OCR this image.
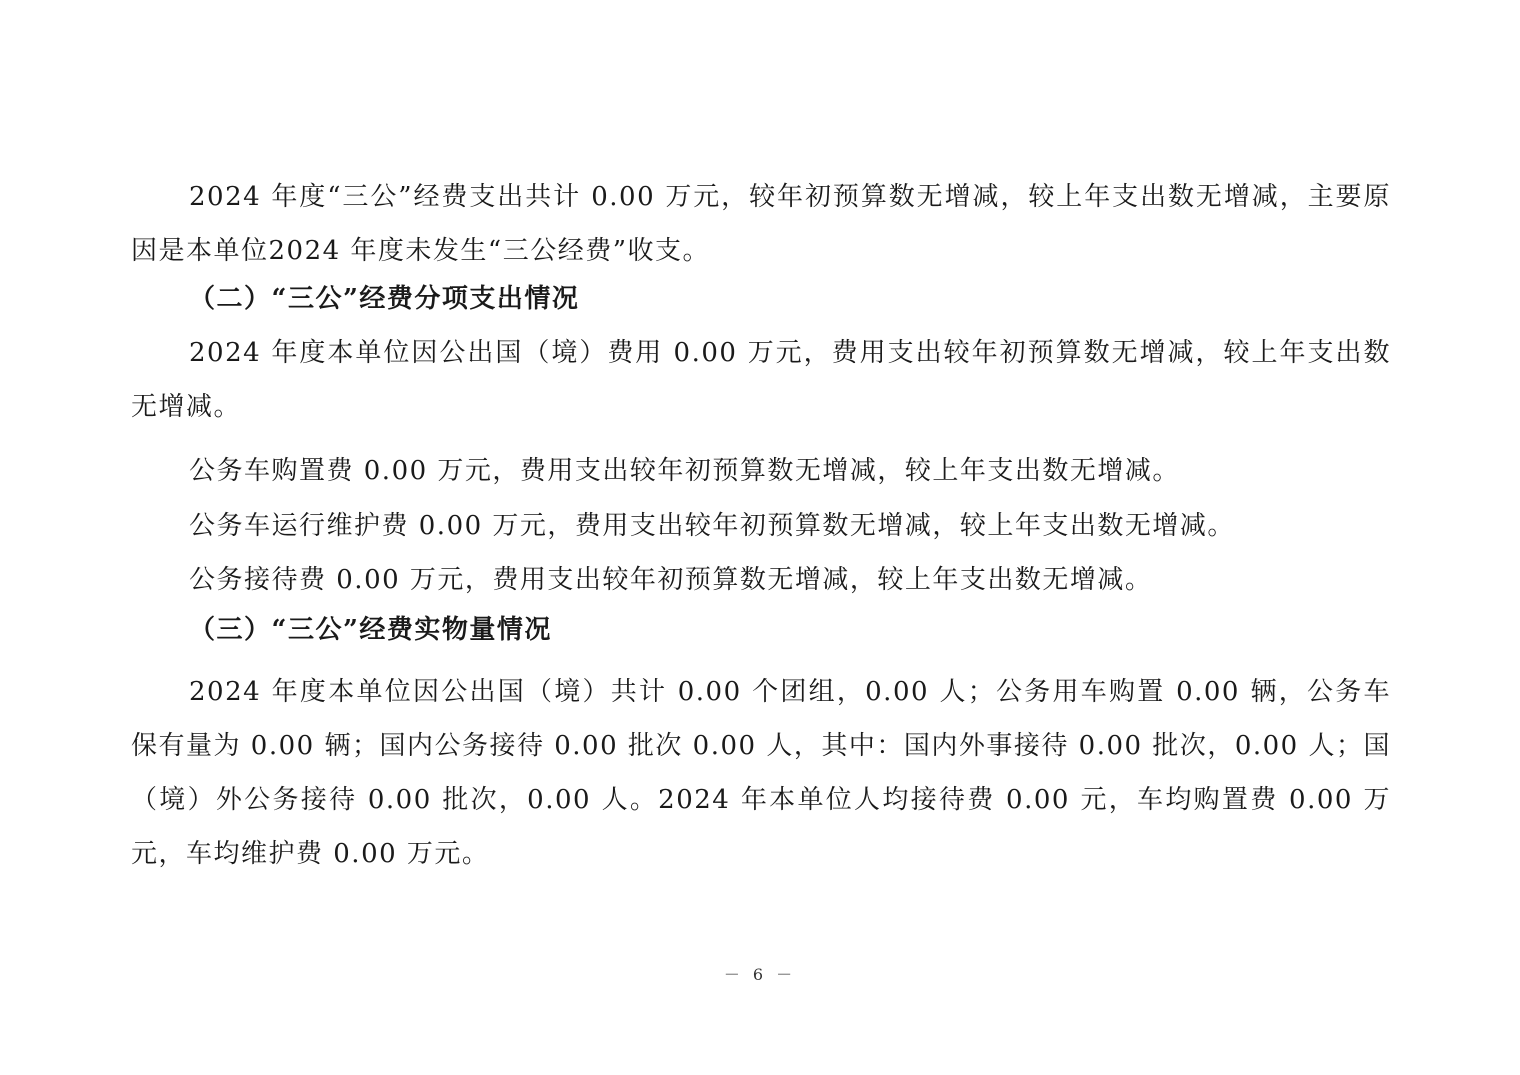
2024 年度“三公”经费支出共计 0.00 万元，较年初预算数无增减，较上年支出数无增减，主要原因是本单位2024 年度未发生“三公经费”收支。

（二）“三公”经费分项支出情况

2024 年度本单位因公出国（境）费用 0.00 万元，费用支出较年初预算数无增减，较上年支出数无增减。

公务车购置费 0.00 万元，费用支出较年初预算数无增减，较上年支出数无增减。

公务车运行维护费 0.00 万元，费用支出较年初预算数无增减，较上年支出数无增减。

公务接待费 0.00 万元，费用支出较年初预算数无增减，较上年支出数无增减。

（三）“三公”经费实物量情况

2024 年度本单位因公出国（境）共计 0.00 个团组，0.00 人；公务用车购置 0.00 辆，公务车保有量为 0.00 辆；国内公务接待 0.00 批次 0.00 人，其中：国内外事接待 0.00 批次，0.00 人；国（境）外公务接待 0.00 批次，0.00 人。2024 年本单位人均接待费 0.00 元，车均购置费 0.00 万元，车均维护费 0.00 万元。

－ 6 －
